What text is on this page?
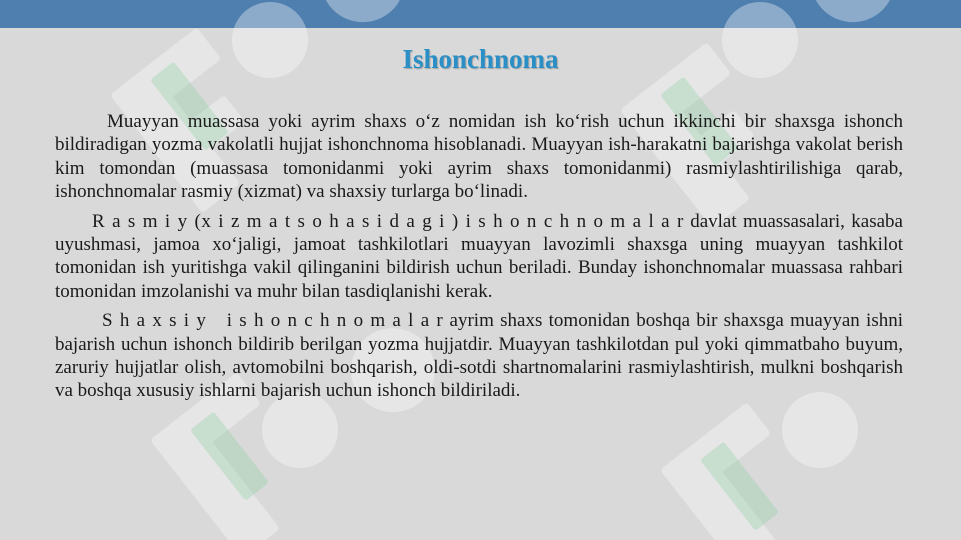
Ishonchnoma

Muayyan muassasa yoki ayrim shaxs o‘z nomidan ish ko‘rish uchun ikkinchi bir shaxsga ishonch bildiradigan yozma vakolatli hujjat ishonchnoma hisoblanadi. Muayyan ish-harakatni bajarishga vakolat berish kim tomondan (muassasa tomonidanmi yoki ayrim shaxs tomonidanmi) rasmiylashtirilishiga qarab, ishonchnomalar rasmiy (xizmat) va shaxsiy turlarga bo‘linadi.

R a s m i y (x i z m a t s o h a s i d a g i ) i s h o n c h n o m a l a r davlat muassasalari, kasaba uyushmasi, jamoa xo‘jaligi, jamoat tashkilotlari muayyan lavozimli shaxsga uning muayyan tashkilot tomonidan ish yuritishga vakil qilinganini bildirish uchun beriladi. Bunday ishonchnomalar muassasa rahbari tomonidan imzolanishi va muhr bilan tasdiqlanishi kerak.

S h a x s i y   i s h o n c h n o m a l a r ayrim shaxs tomonidan boshqa bir shaxsga muayyan ishni bajarish uchun ishonch bildirib berilgan yozma hujjatdir. Muayyan tashkilotdan pul yoki qimmatbaho buyum, zaruriy hujjatlar olish, avtomobilni boshqarish, oldi-sotdi shartnomalarini rasmiylashtirish, mulkni boshqarish va boshqa xususiy ishlarni bajarish uchun ishonch bildiriladi.
